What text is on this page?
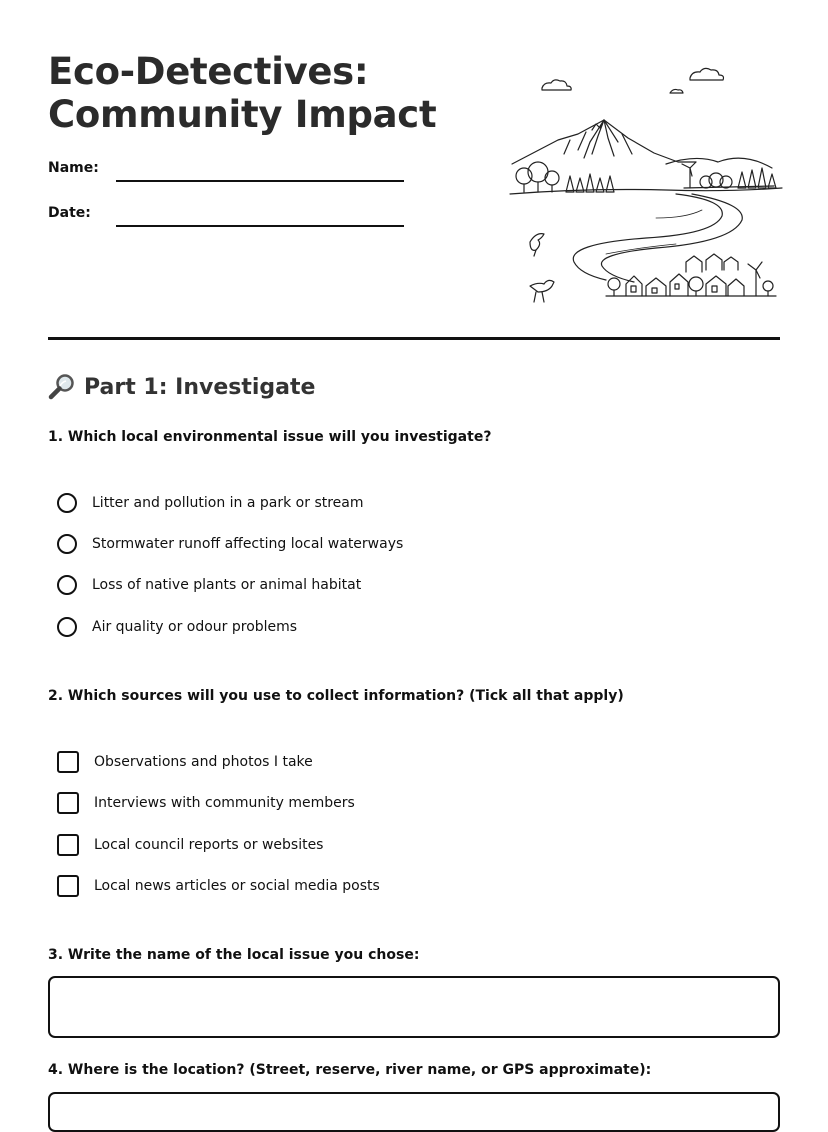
Eco-Detectives:
Community Impact
Name:
Date:
Part 1: Investigate

1. Which local environmental issue will you investigate?

Litter and pollution in a park or stream
Stormwater runoff affecting local waterways
Loss of native plants or animal habitat
Air quality or odour problems

2. Which sources will you use to collect information? (Tick all that apply)

Observations and photos I take
Interviews with community members
Local council reports or websites
Local news articles or social media posts

3. Write the name of the local issue you chose:

4. Where is the location? (Street, reserve, river name, or GPS approximate):
